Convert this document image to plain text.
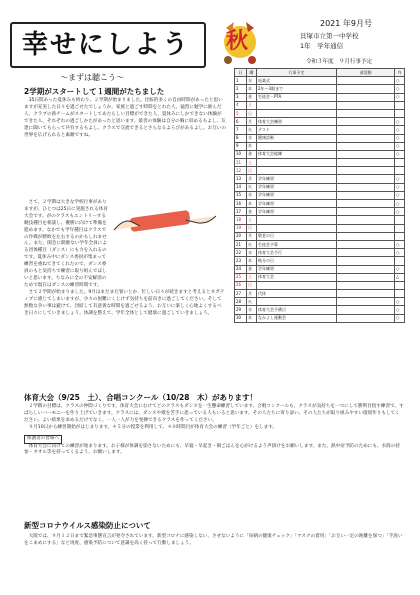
幸せにしよう
〜まずは聴こう〜
秋
2021 年9月号
貝塚市立第一中学校
1年　学年通信
令和３年度　９月行事予定
2学期がスタートして１週間がたちました

35日間あった夏休みも終わり、２学期が始まりました。比較的多くの自由時間があったと思いますが充実した日々を過ごせたでしょうか。家族と過ごす時間をとれた人、猛烈に勉学に励んだ人、クラブの新チームがスタートしてあたらしい目標ができた人、夏休みにしかできない体験ができた人、それぞれの過ごしかたがあったと思います。最善の体験は自分の胸に収めるもよし、友達に聞いてもらって共有するもよし。クラスで交流できるとさらなるよろびがあるよし。お互いの世界を広げられると素敵ですね。

さて、２学期は大きな学校行事がありますが、ひとつは25日に実施される体育大会です。がのクラスもエントリーする競技種目を相談し、優勝に向けて準備を進めます。なかでも学年種目はクラスでの作戦が勝敗を左右するのかもしれません。また、開会に開催ない学年全員による団体種目（ダンス）にも力を入れるのです。夏休み中にダンス委員が集まって練習を重ねてきてくれたので、ダンス委員のもと気持ちで練習に取り組んでほしいと思います。ちなみに全の不安解消のためで現在はダンスの練習時間です。

さて２学期が始まりました。9月はまだまだ暑いとか、忙しい日々が続きますと考えるとネガティブに感じてしまいますが、少々の困難にくじけず気持ちを前向きに過ごしてください。そして無数な争い事は避けて、団結して有意義な時間を過ごせるよう、お互いに楽しく心地よくするべき日々にしていきましょう。体調を整えて、学年全体として健康に過ごしていきましょう。

日	曜	行事予定	部活動	弁
1	水	始業式		○
2	木	2年〜3限まで		○
3	金	生徒会・PTA		○
4	土			
5	日			
6	月	体育大会練習		○
7	火	テスト		○
8	水	健康診断		○
9	木			○
10	金	体育大会総練		○
11	土			
12	日			
13	月	学年練習		○
14	火	学年練習		○
15	水	学年練習		○
16	木	学年練習		○
17	金	学年練習		○
18	土			
19	日			
20	月	敬老の日		
21	火	生徒会予算		○
22	水	体育大会予行		○
23	木	秋分の日		
24	金	学年練習		○
25	土	体育大会		△
26	日			
27	月	代休		
28	火			○
29	水	体育大会予備日		○
30	木	なかよし運動会		○
体育大会（9/25　土）、合唱コンクール（10/28　木）があります！

２学期の目標は、クラスの仲間づくりです。体育大会にむけてどのクラスもダンスを一生懸命練習しています。合唱コンクールも、クラスが気持ちを一つにして勝利目指す練習で、すばらしいハーモニーを作り上げていきます。クラスには、ダンスや歌を苦手に思っている人もいると思います。その人たちに寄り添い、その人たちが取り組みやすい環境作りもしてください。よい結果を求めるだけでなく、一人一人が力を発揮できるクラスを作ってください。

９月10日から練習開始がはじまります。４５分の授業を利用して、４０時間目が体育大会の練習（学年ごと）をします。

保護者の皆様へ

体育大会に向けての練習が始まります。お子様が体調を崩さないためにも、早寝・早起き・朝ごはんを心がけるよう声掛けをお願いします。また、熱中症予防のためにも、水筒の持参・タオル等を持ってくるよう、お願いします。

新型コロナウイルス感染防止について

大阪では、９月１２日まで緊急事態宣言が発令されています。新型コロナに感染しない、させないように「毎朝の健康チェック」「マスクの着用」「お互い一定の距離を保つ」「手洗いをこまめにする」など再度、感染予防について意識を高く持って行動しましょう。
